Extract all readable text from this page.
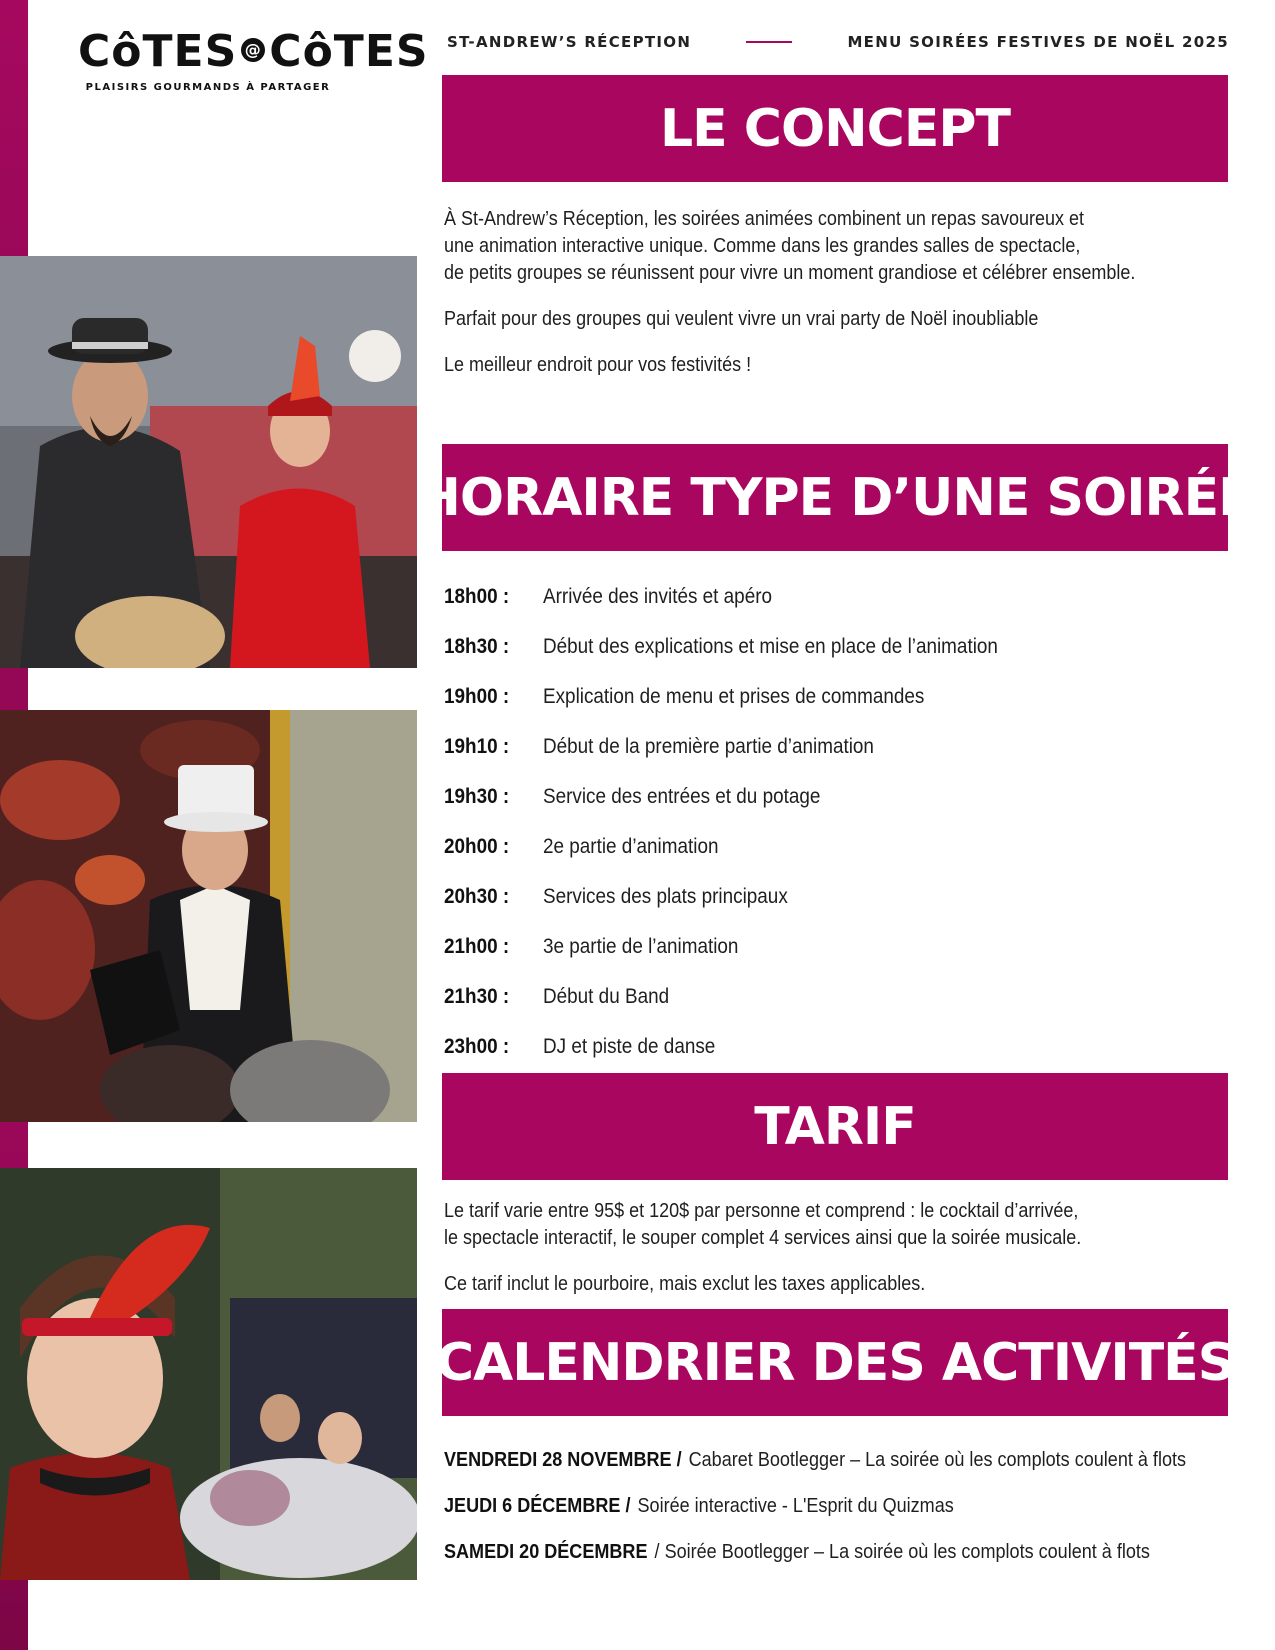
CôTES @ CôTES
PLAISIRS GOURMANDS À PARTAGER
ST-ANDREW’S RÉCEPTION	MENU SOIRÉES FESTIVES DE NOËL 2025
LE CONCEPT

À St-Andrew’s Réception, les soirées animées combinent un repas savoureux et
une animation interactive unique. Comme dans les grandes salles de spectacle,
de petits groupes se réunissent pour vivre un moment grandiose et célébrer ensemble.

Parfait pour des groupes qui veulent vivre un vrai party de Noël inoubliable

Le meilleur endroit pour vos festivités !

HORAIRE TYPE D’UNE SOIRÉE
18h00 :	Arrivée des invités et apéro
18h30 :	Début des explications et mise en place de l’animation
19h00 :	Explication de menu et prises de commandes
19h10 :	Début de la première partie d’animation
19h30 :	Service des entrées et du potage
20h00 :	2e partie d’animation
20h30 :	Services des plats principaux
21h00 :	3e partie de l’animation
21h30 :	Début du Band
23h00 :	DJ et piste de danse
TARIF

Le tarif varie entre 95$ et 120$ par personne et comprend : le cocktail d’arrivée,
le spectacle interactif, le souper complet 4 services ainsi que la soirée musicale.

Ce tarif inclut le pourboire, mais exclut les taxes applicables.

CALENDRIER DES ACTIVITÉS
VENDREDI 28 NOVEMBRE / Cabaret Bootlegger – La soirée où les complots coulent à flots
JEUDI 6 DÉCEMBRE / Soirée interactive - L'Esprit du Quizmas
SAMEDI 20 DÉCEMBRE / Soirée Bootlegger – La soirée où les complots coulent à flots
